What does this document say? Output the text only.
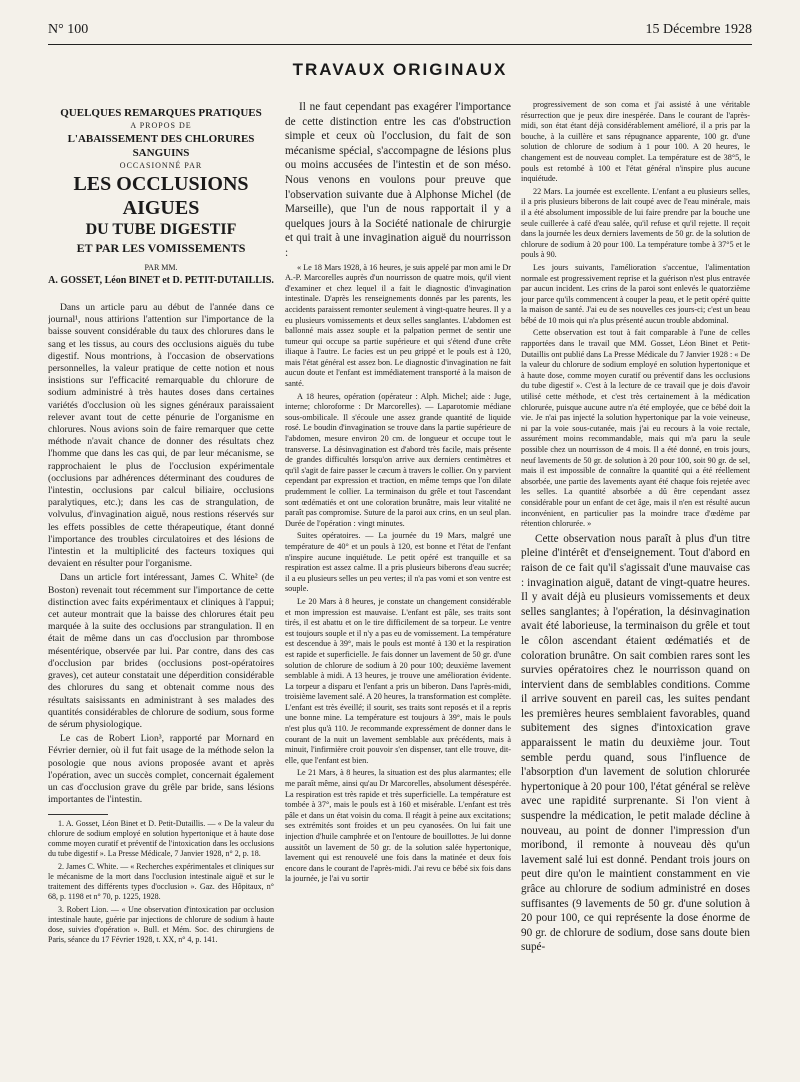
N° 100	15 Décembre 1928
TRAVAUX ORIGINAUX
QUELQUES REMARQUES PRATIQUES
A PROPOS DE
L'ABAISSEMENT DES CHLORURES SANGUINS
OCCASIONNÉ PAR
LES OCCLUSIONS AIGUES
DU TUBE DIGESTIF
ET PAR LES VOMISSEMENTS
PAR MM.
A. GOSSET, Léon BINET et D. PETIT-DUTAILLIS.

Dans un article paru au début de l'année dans ce journal¹, nous attirions l'attention sur l'importance de la baisse souvent considérable du taux des chlorures dans le sang et les tissus, au cours des occlusions aiguës du tube digestif. Nous montrions, à l'occasion de observations personnelles, la valeur pratique de cette notion et nous insistions sur l'efficacité remarquable du chlorure de sodium administré à très hautes doses dans certaines variétés d'occlusion où les signes généraux paraissaient relever avant tout de cette pénurie de l'organisme en chlorures. Nous avions soin de faire remarquer que cette méthode n'avait chance de donner des résultats chez l'homme que dans les cas qui, de par leur mécanisme, se rapprochaient le plus de l'occlusion expérimentale (occlusions par adhérences déterminant des coudures de l'intestin, occlusions par calcul biliaire, occlusions paralytiques, etc.); dans les cas de strangulation, de volvulus, d'invagination aiguë, nous restions réservés sur les effets possibles de cette thérapeutique, étant donné l'importance des troubles circulatoires et des lésions de l'intestin et la multiplicité des facteurs toxiques qui devaient en résulter pour l'organisme.

Dans un article fort intéressant, James C. White² (de Boston) revenait tout récemment sur l'importance de cette distinction avec faits expérimentaux et cliniques à l'appui; cet auteur montrait que la baisse des chlorures était peu marquée à la suite des occlusions par strangulation. Il en était de même dans un cas d'occlusion par thrombose mésentérique, observée par lui. Par contre, dans des cas d'occlusion par brides (occlusions post-opératoires graves), cet auteur constatait une déperdition considérable des chlorures du sang et obtenait comme nous des résultats saisissants en administrant à ses malades des quantités considérables de chlorure de sodium, sous forme de sérum physiologique.

Le cas de Robert Lion³, rapporté par Mornard en Février dernier, où il fut fait usage de la méthode selon la posologie que nous avions proposée avant et après l'opération, avec un succès complet, concernait également un cas d'occlusion grave du grêle par bride, sans lésions importantes de l'intestin.

1. A. Gosset, Léon Binet et D. Petit-Dutaillis. — « De la valeur du chlorure de sodium employé en solution hypertonique et à haute dose comme moyen curatif et préventif de l'intoxication dans les occlusions du tube digestif ». La Presse Médicale, 7 Janvier 1928, n° 2, p. 18.

2. James C. White. — « Recherches expérimentales et cliniques sur le mécanisme de la mort dans l'occlusion intestinale aiguë et sur le traitement des différents types d'occlusion ». Gaz. des Hôpitaux, n° 68, p. 1198 et n° 70, p. 1225, 1928.

3. Robert Lion. — « Une observation d'intoxication par occlusion intestinale haute, guérie par injections de chlorure de sodium à haute dose, suivies d'opération ». Bull. et Mém. Soc. des chirurgiens de Paris, séance du 17 Février 1928, t. XX, n° 4, p. 141.

Il ne faut cependant pas exagérer l'importance de cette distinction entre les cas d'obstruction simple et ceux où l'occlusion, du fait de son mécanisme spécial, s'accompagne de lésions plus ou moins accusées de l'intestin et de son méso. Nous venons en voulons pour preuve que l'observation suivante due à Alphonse Michel (de Marseille), que l'un de nous rapportait il y a quelques jours à la Société nationale de chirurgie et qui trait à une invagination aiguë du nourrisson :

« Le 18 Mars 1928, à 16 heures, je suis appelé par mon ami le Dr A.-P. Marcorelles auprès d'un nourrisson de quatre mois, qu'il vient d'examiner et chez lequel il a fait le diagnostic d'invagination intestinale. D'après les renseignements donnés par les parents, les accidents paraissent remonter seulement à vingt-quatre heures. Il y a eu plusieurs vomissements et deux selles sanglantes. L'abdomen est ballonné mais assez souple et la palpation permet de sentir une tumeur qui occupe sa partie supérieure et qui s'étend d'une crête iliaque à l'autre. Le facies est un peu grippé et le pouls est à 120, mais l'état général est assez bon. Le diagnostic d'invagination ne fait aucun doute et l'enfant est immédiatement transporté à la maison de santé.

A 18 heures, opération (opérateur : Alph. Michel; aide : Juge, interne; chloroforme : Dr Marcorelles). — Laparotomie médiane sous-ombilicale. Il s'écoule une assez grande quantité de liquide rosé. Le boudin d'invagination se trouve dans la partie supérieure de l'abdomen, mesure environ 20 cm. de longueur et occupe tout le transverse. La désinvagination est d'abord très facile, mais présente de grandes difficultés lorsqu'on arrive aux derniers centimètres et qu'il s'agit de faire passer le cæcum à travers le collier. On y parvient cependant par expression et traction, en même temps que l'on dilate prudemment le collier. La terminaison du grêle et tout l'ascendant sont œdématiés et ont une coloration brunâtre, mais leur vitalité ne paraît pas compromise. Suture de la paroi aux crins, en un seul plan. Durée de l'opération : vingt minutes.

Suites opératoires. — La journée du 19 Mars, malgré une température de 40° et un pouls à 120, est bonne et l'état de l'enfant n'inspire aucune inquiétude. Le petit opéré est tranquille et sa respiration est assez calme. Il a pris plusieurs biberons d'eau sucrée; il a eu plusieurs selles un peu vertes; il n'a pas vomi et son ventre est souple.

Le 20 Mars à 8 heures, je constate un changement considérable et mon impression est mauvaise. L'enfant est pâle, ses traits sont tirés, il est abattu et on le tire difficilement de sa torpeur. Le ventre est toujours souple et il n'y a pas eu de vomissement. La température est descendue à 39°, mais le pouls est monté à 130 et la respiration est rapide et superficielle. Je fais donner un lavement de 50 gr. d'une solution de chlorure de sodium à 20 pour 100; deuxième lavement semblable à midi. A 13 heures, je trouve une amélioration évidente. La torpeur a disparu et l'enfant a pris un biberon. Dans l'après-midi, troisième lavement salé. A 20 heures, la transformation est complète. L'enfant est très éveillé; il sourit, ses traits sont reposés et il a repris une bonne mine. La température est toujours à 39°, mais le pouls n'est plus qu'à 110. Je recommande expressément de donner dans le courant de la nuit un lavement semblable aux précédents, mais à minuit, l'infirmière croit pouvoir s'en dispenser, tant elle trouve, dit-elle, que l'enfant est bien.

Le 21 Mars, à 8 heures, la situation est des plus alarmantes; elle me paraît même, ainsi qu'au Dr Marcorelles, absolument désespérée. La respiration est très rapide et très superficielle. La température est tombée à 37°, mais le pouls est à 160 et misérable. L'enfant est très pâle et dans un état voisin du coma. Il réagit à peine aux excitations; ses extrémités sont froides et un peu cyanosées. On lui fait une injection d'huile camphrée et on l'entoure de bouillottes. Je lui donne aussitôt un lavement de 50 gr. de la solution salée hypertonique, lavement qui est renouvelé une fois dans la matinée et deux fois encore dans le courant de l'après-midi. J'ai revu ce bébé six fois dans la journée, je l'ai vu sortir

progressivement de son coma et j'ai assisté à une véritable résurrection que je peux dire inespérée. Dans le courant de l'après-midi, son état étant déjà considérablement amélioré, il a pris par la bouche, à la cuillère et sans répugnance apparente, 100 gr. d'une solution de chlorure de sodium à 1 pour 100. A 20 heures, le changement est de nouveau complet. La température est de 38°5, le pouls est retombé à 100 et l'état général n'inspire plus aucune inquiétude.

22 Mars. La journée est excellente. L'enfant a eu plusieurs selles, il a pris plusieurs biberons de lait coupé avec de l'eau minérale, mais il a été absolument impossible de lui faire prendre par la bouche une seule cuillerée à café d'eau salée, qu'il refuse et qu'il rejette. Il reçoit dans la journée les deux derniers lavements de 50 gr. de la solution de chlorure de sodium à 20 pour 100. La température tombe à 37°5 et le pouls à 90.

Les jours suivants, l'amélioration s'accentue, l'alimentation normale est progressivement reprise et la guérison n'est plus entravée par aucun incident. Les crins de la paroi sont enlevés le quatorzième jour parce qu'ils commencent à couper la peau, et le petit opéré quitte la maison de santé. J'ai eu de ses nouvelles ces jours-ci; c'est un beau bébé de 10 mois qui n'a plus présenté aucun trouble abdominal.

Cette observation est tout à fait comparable à l'une de celles rapportées dans le travail que MM. Gosset, Léon Binet et Petit-Dutaillis ont publié dans La Presse Médicale du 7 Janvier 1928 : « De la valeur du chlorure de sodium employé en solution hypertonique et à haute dose, comme moyen curatif ou préventif dans les occlusions du tube digestif ». C'est à la lecture de ce travail que je dois d'avoir utilisé cette méthode, et c'est très certainement à la médication chlorurée, puisque aucune autre n'a été employée, que ce bébé doit la vie. Je n'ai pas injecté la solution hypertonique par la voie veineuse, ni par la voie sous-cutanée, mais j'ai eu recours à la voie rectale, assurément moins recommandable, mais qui m'a paru la seule possible chez un nourrisson de 4 mois. Il a été donné, en trois jours, neuf lavements de 50 gr. de solution à 20 pour 100, soit 90 gr. de sel, mais il est impossible de connaître la quantité qui a été réellement absorbée, une partie des lavements ayant été chaque fois rejetée avec les selles. La quantité absorbée a dû être cependant assez considérable pour un enfant de cet âge, mais il n'en est résulté aucun inconvénient, en particulier pas la moindre trace d'œdème par rétention chlorurée. »

Cette observation nous paraît à plus d'un titre pleine d'intérêt et d'enseignement. Tout d'abord en raison de ce fait qu'il s'agissait d'une mauvaise cas : invagination aiguë, datant de vingt-quatre heures. Il y avait déjà eu plusieurs vomissements et deux selles sanglantes; à l'opération, la désinvagination avait été laborieuse, la terminaison du grêle et tout le côlon ascendant étaient œdématiés et de coloration brunâtre. On sait combien rares sont les survies opératoires chez le nourrisson quand on intervient dans de semblables conditions. Comme il arrive souvent en pareil cas, les suites pendant les premières heures semblaient favorables, quand subitement des signes d'intoxication grave apparaissent le matin du deuxième jour. Tout semble perdu quand, sous l'influence de l'absorption d'un lavement de solution chlorurée hypertonique à 20 pour 100, l'état général se relève avec une rapidité surprenante. Si l'on vient à suspendre la médication, le petit malade décline à nouveau, au point de donner l'impression d'un moribond, il remonte à nouveau dès qu'un lavement salé lui est donné. Pendant trois jours on peut dire qu'on le maintient constamment en vie grâce au chlorure de sodium administré en doses suffisantes (9 lavements de 50 gr. d'une solution à 20 pour 100, ce qui représente la dose énorme de 90 gr. de chlorure de sodium, dose sans doute bien supé-
